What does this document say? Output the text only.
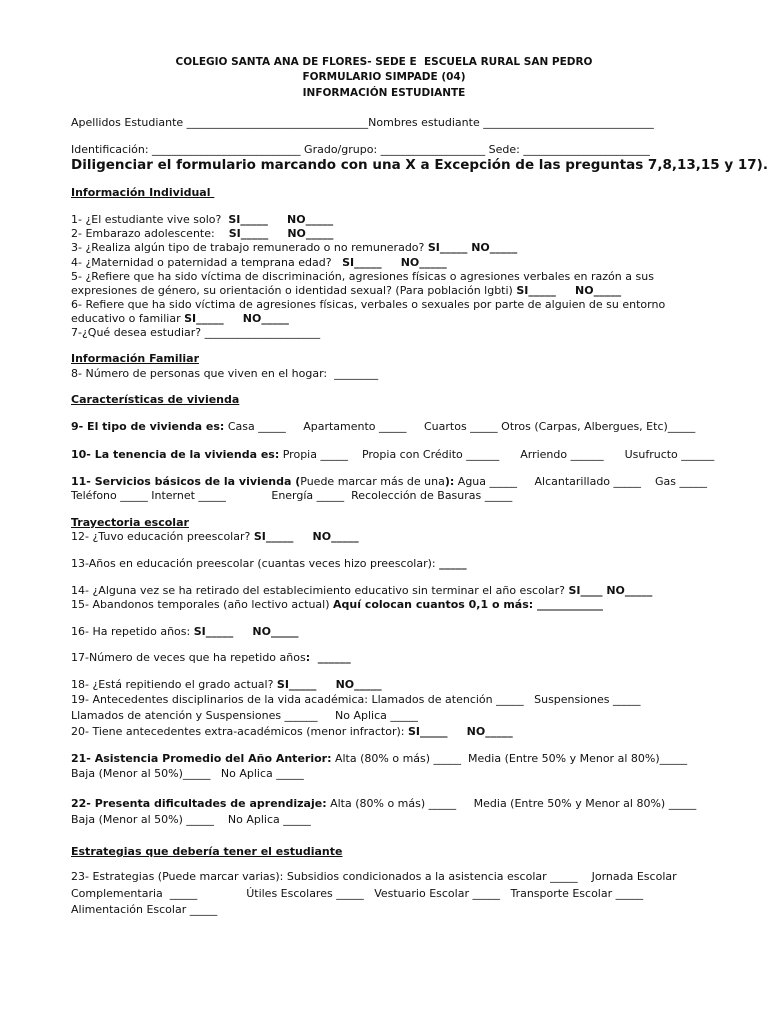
COLEGIO SANTA ANA DE FLORES- SEDE E  ESCUELA RURAL SAN PEDRO
FORMULARIO SIMPADE (04)
INFORMACIÓN ESTUDIANTE
Apellidos Estudiante _________________________________Nombres estudiante _______________________________
Identificación: ___________________________ Grado/grupo: ___________________ Sede: _______________________
Diligenciar el formulario marcando con una X a Excepción de las preguntas 7,8,13,15 y 17).
Información Individual
1- ¿El estudiante vive solo?  SI_____     NO_____
2- Embarazo adolescente:    SI_____     NO_____
3- ¿Realiza algún tipo de trabajo remunerado o no remunerado? SI_____ NO_____
4- ¿Maternidad o paternidad a temprana edad?   SI_____     NO_____
5- ¿Refiere que ha sido víctima de discriminación, agresiones físicas o agresiones verbales en razón a sus
expresiones de género, su orientación o identidad sexual? (Para población lgbti) SI_____     NO_____
6- Refiere que ha sido víctima de agresiones físicas, verbales o sexuales por parte de alguien de su entorno
educativo o familiar SI_____     NO_____
7-¿Qué desea estudiar? _____________________
Información Familiar
8- Número de personas que viven en el hogar:  ________
Características de vivienda
9- El tipo de vivienda es: Casa _____     Apartamento _____     Cuartos _____ Otros (Carpas, Albergues, Etc)_____
10- La tenencia de la vivienda es: Propia _____    Propia con Crédito ______      Arriendo ______      Usufructo ______
11- Servicios básicos de la vivienda (Puede marcar más de una): Agua _____     Alcantarillado _____    Gas _____
Teléfono _____ Internet _____             Energía _____  Recolección de Basuras _____
Trayectoria escolar
12- ¿Tuvo educación preescolar? SI_____     NO_____
13-Años en educación preescolar (cuantas veces hizo preescolar): _____
14- ¿Alguna vez se ha retirado del establecimiento educativo sin terminar el año escolar? SI____ NO_____
15- Abandonos temporales (año lectivo actual) Aquí colocan cuantos 0,1 o más: ____________
16- Ha repetido años: SI_____     NO_____
17-Número de veces que ha repetido años:  ______
18- ¿Está repitiendo el grado actual? SI_____     NO_____
19- Antecedentes disciplinarios de la vida académica: Llamados de atención _____   Suspensiones _____
Llamados de atención y Suspensiones ______     No Aplica _____
20- Tiene antecedentes extra-académicos (menor infractor): SI_____     NO_____
21- Asistencia Promedio del Año Anterior: Alta (80% o más) _____  Media (Entre 50% y Menor al 80%)_____
Baja (Menor al 50%)_____   No Aplica _____
22- Presenta dificultades de aprendizaje: Alta (80% o más) _____     Media (Entre 50% y Menor al 80%) _____
Baja (Menor al 50%) _____    No Aplica _____
Estrategias que debería tener el estudiante
23- Estrategias (Puede marcar varias): Subsidios condicionados a la asistencia escolar _____    Jornada Escolar
Complementaria  _____              Útiles Escolares _____   Vestuario Escolar _____   Transporte Escolar _____
Alimentación Escolar _____
